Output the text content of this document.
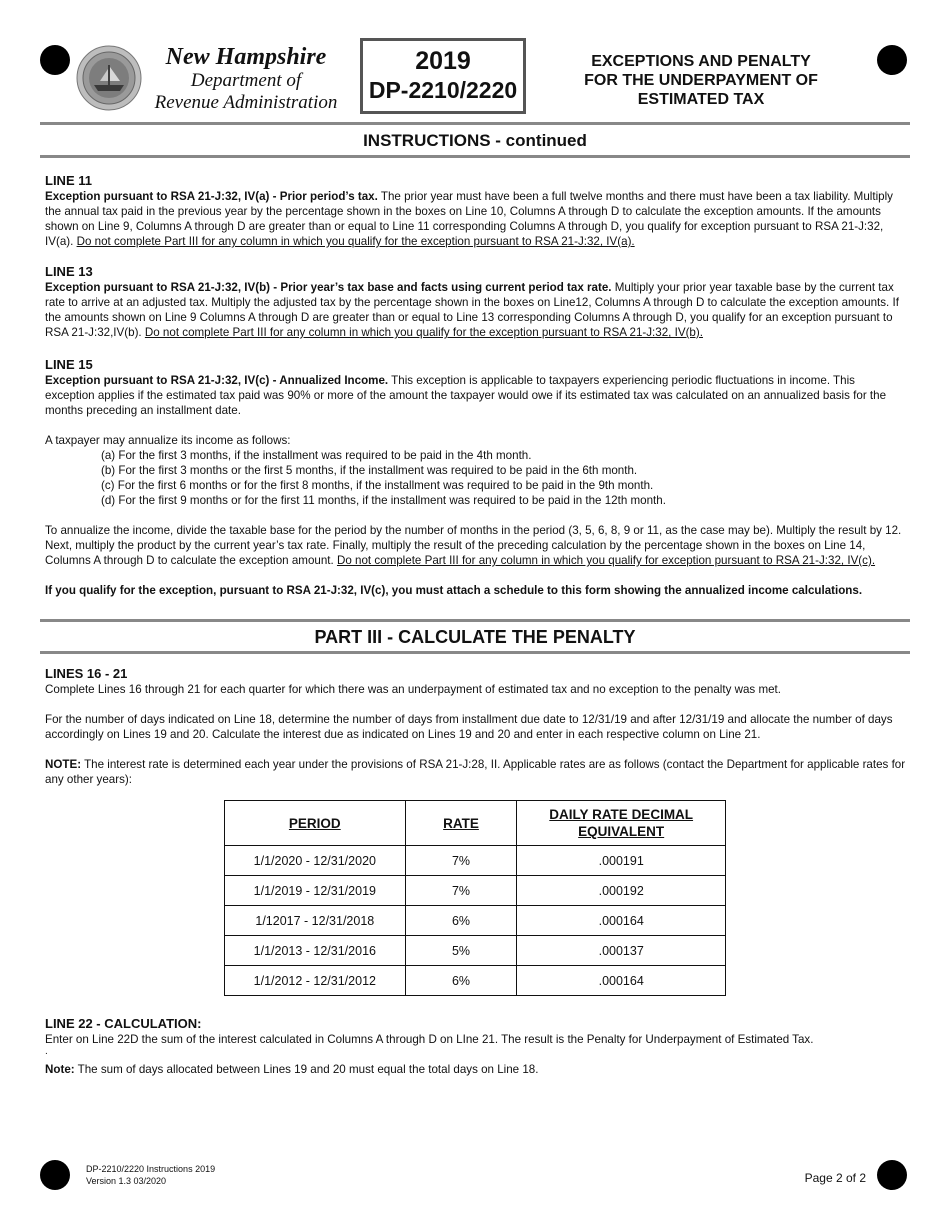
New Hampshire
Department of
Revenue Administration
2019
DP-2210/2220
EXCEPTIONS AND PENALTY
FOR THE UNDERPAYMENT OF
ESTIMATED TAX
INSTRUCTIONS - continued
LINE 11
Exception pursuant to RSA 21-J:32, IV(a) - Prior period’s tax. The prior year must have been a full twelve months and there must have been a tax liability. Multiply the annual tax paid in the previous year by the percentage shown in the boxes on Line 10, Columns A through D to calculate the exception amounts. If the amounts shown on Line 9, Columns A through D are greater than or equal to Line 11 corresponding Columns A through D, you qualify for exception pursuant to RSA 21-J:32, IV(a). Do not complete Part III for any column in which you qualify for the exception pursuant to RSA 21-J:32, IV(a).
LINE 13
Exception pursuant to RSA 21-J:32, IV(b) - Prior year’s tax base and facts using current period tax rate. Multiply your prior year taxable base by the current tax rate to arrive at an adjusted tax. Multiply the adjusted tax by the percentage shown in the boxes on Line12, Columns A through D to calculate the exception amounts. If the amounts shown on Line 9 Columns A through D are greater than or equal to Line 13 corresponding Columns A through D, you qualify for an exception pursuant to RSA 21-J:32,IV(b). Do not complete Part III for any column in which you qualify for the exception pursuant to RSA 21-J:32, IV(b).
LINE 15
Exception pursuant to RSA 21-J:32, IV(c) - Annualized Income. This exception is applicable to taxpayers experiencing periodic fluctuations in income. This exception applies if the estimated tax paid was 90% or more of the amount the taxpayer would owe if its estimated tax was calculated on an annualized basis for the months preceding an installment date.
A taxpayer may annualize its income as follows:
(a) For the first 3 months, if the installment was required to be paid in the 4th month.
(b) For the first 3 months or the first 5 months, if the installment was required to be paid in the 6th month.
(c) For the first 6 months or for the first 8 months, if the installment was required to be paid in the 9th month.
(d) For the first 9 months or for the first 11 months, if the installment was required to be paid in the 12th month.
To annualize the income, divide the taxable base for the period by the number of months in the period (3, 5, 6, 8, 9 or 11, as the case may be). Multiply the result by 12. Next, multiply the product by the current year’s tax rate. Finally, multiply the result of the preceding calculation by the percentage shown in the boxes on Line 14, Columns A through D to calculate the exception amount. Do not complete Part III for any column in which you qualify for exception pursuant to RSA 21-J:32, IV(c).
If you qualify for the exception, pursuant to RSA 21-J:32, IV(c), you must attach a schedule to this form showing the annualized income calculations.
PART III - CALCULATE THE PENALTY
LINES 16 - 21
Complete Lines 16 through 21 for each quarter for which there was an underpayment of estimated tax and no exception to the penalty was met.
For the number of days indicated on Line 18, determine the number of days from installment due date to 12/31/19 and after 12/31/19 and allocate the number of days accordingly on Lines 19 and 20. Calculate the interest due as indicated on Lines 19 and 20 and enter in each respective column on Line 21.
NOTE: The interest rate is determined each year under the provisions of RSA 21-J:28, II. Applicable rates are as follows (contact the Department for applicable rates for any other years):
PERIOD	RATE	DAILY RATE DECIMAL EQUIVALENT
1/1/2020 - 12/31/2020	7%	.000191
1/1/2019 - 12/31/2019	7%	.000192
1/12017 - 12/31/2018	6%	.000164
1/1/2013 - 12/31/2016	5%	.000137
1/1/2012 - 12/31/2012	6%	.000164
LINE 22 - CALCULATION:
Enter on Line 22D the sum of the interest calculated in Columns A through D on LIne 21. The result is the Penalty for Underpayment of Estimated Tax.
.
Note: The sum of days allocated between Lines 19 and 20 must equal the total days on Line 18.
DP-2210/2220 Instructions 2019
Version 1.3 03/2020	Page 2 of 2
